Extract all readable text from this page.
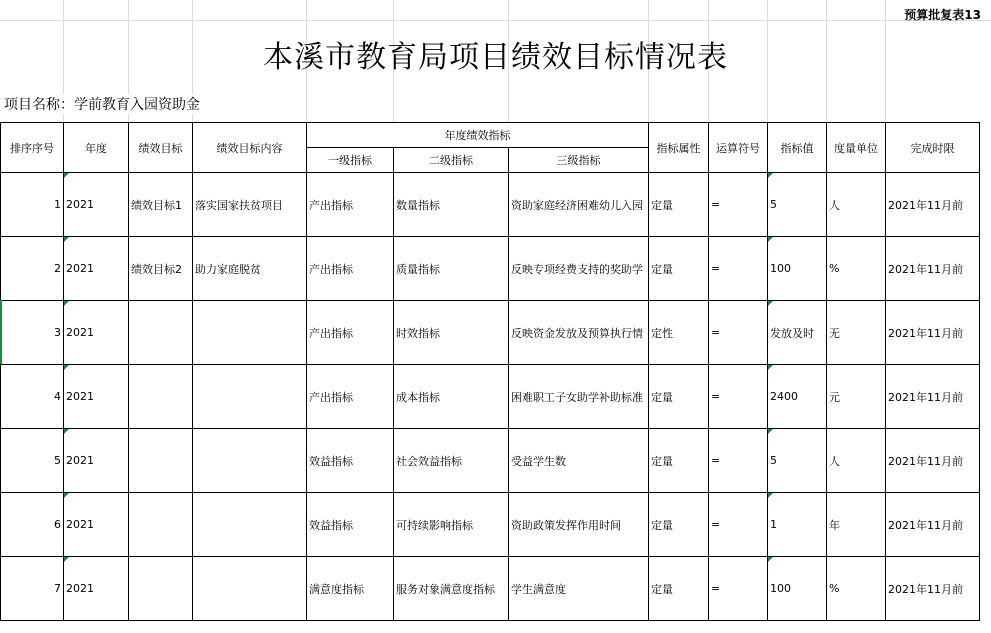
预算批复表13
本溪市教育局项目绩效目标情况表
项目名称：学前教育入园资助金
排序序号	年度	绩效目标	绩效目标内容	年度绩效指标			指标属性	运算符号	指标值	度量单位	完成时限
				一级指标	二级指标	三级指标					
1	2021	绩效目标1	落实国家扶贫项目	产出指标	数量指标	资助家庭经济困难幼儿入园	定量	=	5	人	2021年11月前
2	2021	绩效目标2	助力家庭脱贫	产出指标	质量指标	反映专项经费支持的奖助学	定量	=	100	%	2021年11月前
3	2021			产出指标	时效指标	反映资金发放及预算执行情	定性	=	发放及时	无	2021年11月前
4	2021			产出指标	成本指标	困难职工子女助学补助标准	定量	=	2400	元	2021年11月前
5	2021			效益指标	社会效益指标	受益学生数	定量	=	5	人	2021年11月前
6	2021			效益指标	可持续影响指标	资助政策发挥作用时间	定量	=	1	年	2021年11月前
7	2021			满意度指标	服务对象满意度指标	学生满意度	定量	=	100	%	2021年11月前
